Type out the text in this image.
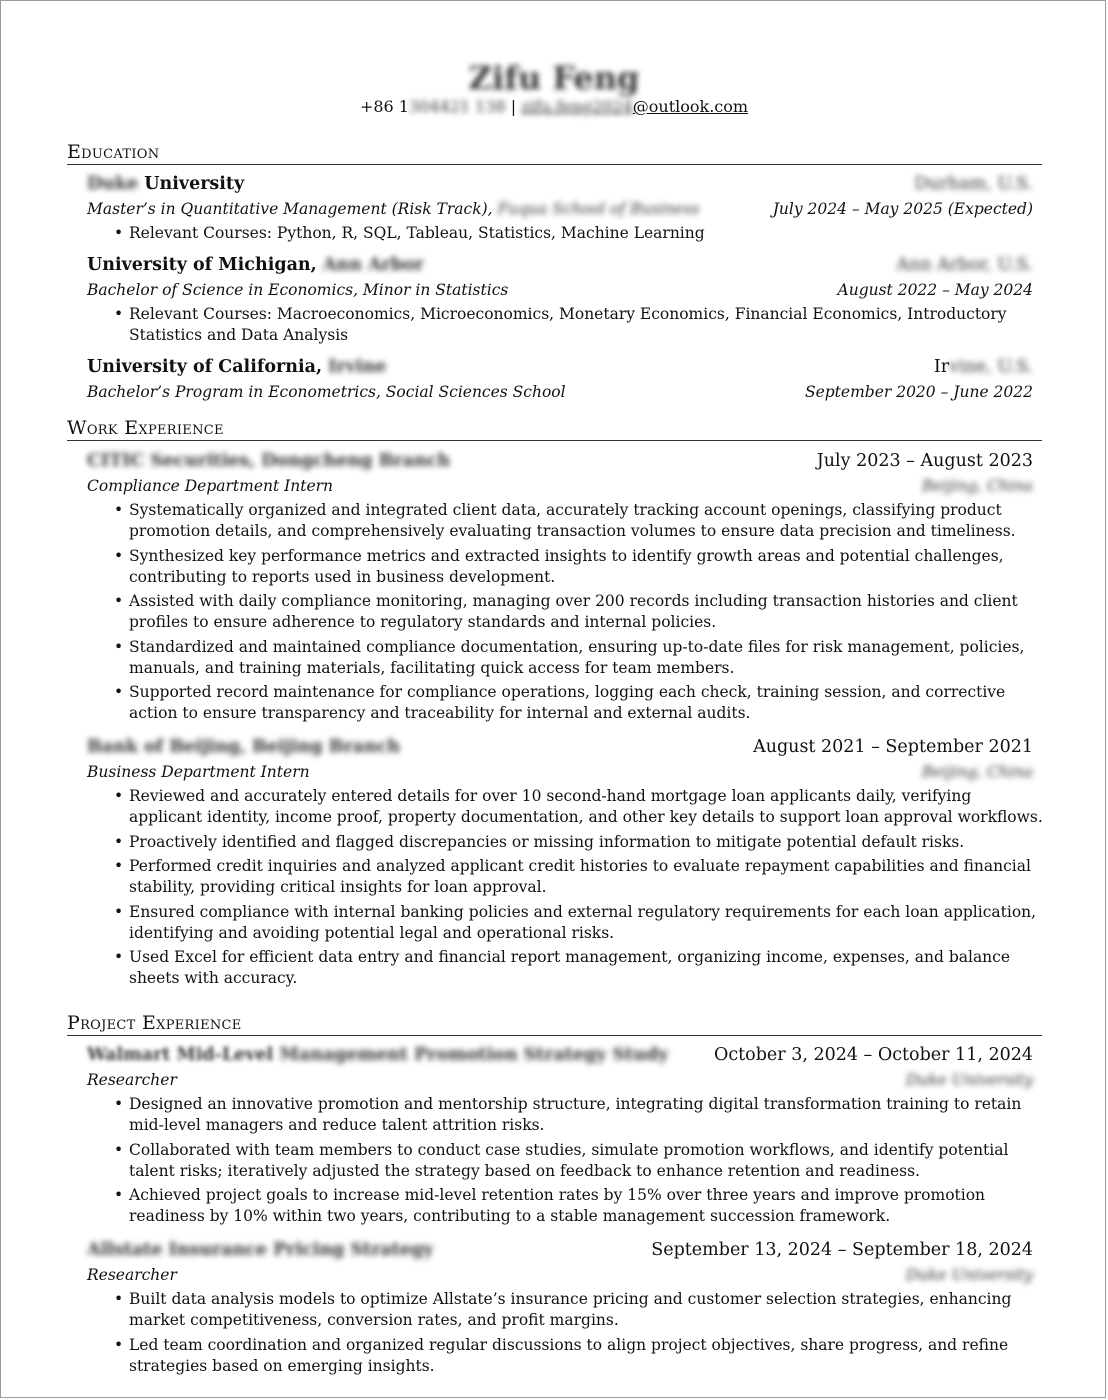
Zifu Feng
+86 1304421 138 | zifu.feng2024@outlook.com
Education
Duke University	Durham, U.S.
Master’s in Quantitative Management (Risk Track), Fuqua School of Business	July 2024 – May 2025 (Expected)
• Relevant Courses: Python, R, SQL, Tableau, Statistics, Machine Learning
University of Michigan, Ann Arbor	Ann Arbor, U.S.
Bachelor of Science in Economics, Minor in Statistics	August 2022 – May 2024
• Relevant Courses: Macroeconomics, Microeconomics, Monetary Economics, Financial Economics, Introductory Statistics and Data Analysis
University of California, Irvine	Irvine, U.S.
Bachelor’s Program in Econometrics, Social Sciences School	September 2020 – June 2022
Work Experience
CITIC Securities, Dongcheng Branch	July 2023 – August 2023
Compliance Department Intern	Beijing, China
• Systematically organized and integrated client data, accurately tracking account openings, classifying product promotion details, and comprehensively evaluating transaction volumes to ensure data precision and timeliness.
• Synthesized key performance metrics and extracted insights to identify growth areas and potential challenges, contributing to reports used in business development.
• Assisted with daily compliance monitoring, managing over 200 records including transaction histories and client profiles to ensure adherence to regulatory standards and internal policies.
• Standardized and maintained compliance documentation, ensuring up-to-date files for risk management, policies, manuals, and training materials, facilitating quick access for team members.
• Supported record maintenance for compliance operations, logging each check, training session, and corrective action to ensure transparency and traceability for internal and external audits.
Bank of Beijing, Beijing Branch	August 2021 – September 2021
Business Department Intern	Beijing, China
• Reviewed and accurately entered details for over 10 second-hand mortgage loan applicants daily, verifying applicant identity, income proof, property documentation, and other key details to support loan approval workflows.
• Proactively identified and flagged discrepancies or missing information to mitigate potential default risks.
• Performed credit inquiries and analyzed applicant credit histories to evaluate repayment capabilities and financial stability, providing critical insights for loan approval.
• Ensured compliance with internal banking policies and external regulatory requirements for each loan application, identifying and avoiding potential legal and operational risks.
• Used Excel for efficient data entry and financial report management, organizing income, expenses, and balance sheets with accuracy.
Project Experience
Walmart Mid-Level Management Promotion Strategy Study	October 3, 2024 – October 11, 2024
Researcher	Duke University
• Designed an innovative promotion and mentorship structure, integrating digital transformation training to retain mid-level managers and reduce talent attrition risks.
• Collaborated with team members to conduct case studies, simulate promotion workflows, and identify potential talent risks; iteratively adjusted the strategy based on feedback to enhance retention and readiness.
• Achieved project goals to increase mid-level retention rates by 15% over three years and improve promotion readiness by 10% within two years, contributing to a stable management succession framework.
Allstate Insurance Pricing Strategy	September 13, 2024 – September 18, 2024
Researcher	Duke University
• Built data analysis models to optimize Allstate’s insurance pricing and customer selection strategies, enhancing market competitiveness, conversion rates, and profit margins.
• Led team coordination and organized regular discussions to align project objectives, share progress, and refine strategies based on emerging insights.
